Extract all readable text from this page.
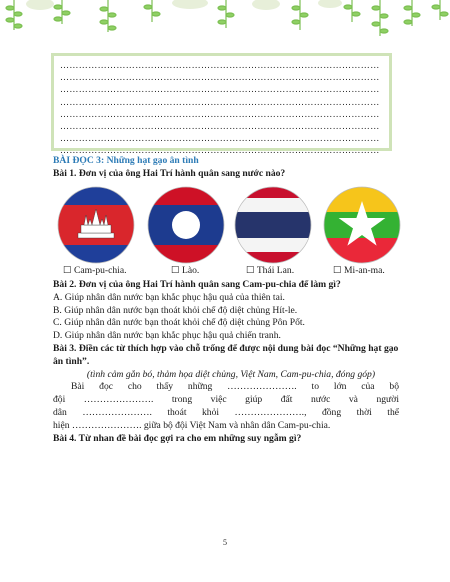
…………………………………………………………………………………………
…………………………………………………………………………………………
…………………………………………………………………………………………
…………………………………………………………………………………………
…………………………………………………………………………………………
…………………………………………………………………………………………
…………………………………………………………………………………………
…………………………………………………………………………………………
BÀI ĐỌC 3: Những hạt gạo ân tình
Bài 1. Đơn vị của ông Hai Trí hành quân sang nước nào?
☐ Cam-pu-chia.	☐ Lào.	☐ Thái Lan.	☐ Mi-an-ma.
Bài 2. Đơn vị của ông Hai Trí hành quân sang Cam-pu-chia để làm gì?
A. Giúp nhân dân nước bạn khắc phục hậu quả của thiên tai.
B. Giúp nhân dân nước bạn thoát khỏi chế độ diệt chủng Hít-le.
C. Giúp nhân dân nước bạn thoát khỏi chế độ diệt chủng Pôn Pốt.
D. Giúp nhân dân nước bạn khắc phục hậu quả chiến tranh.
Bài 3. Điền các từ thích hợp vào chỗ trống để được nội dung bài đọc “Những hạt gạo ân tình”.
(tình cảm gắn bó, thảm họa diệt chủng, Việt Nam, Cam-pu-chia, đóng góp)
Bài đọc cho thấy những …………………. to lớn của bộ
đội …………………. trong việc giúp đất nước và người
dân …………………. thoát khỏi …………………., đồng thời thể
hiện …………………. giữa bộ đội Việt Nam và nhân dân Cam-pu-chia.
Bài 4. Từ nhan đề bài đọc gợi ra cho em những suy ngẫm gì?
5
